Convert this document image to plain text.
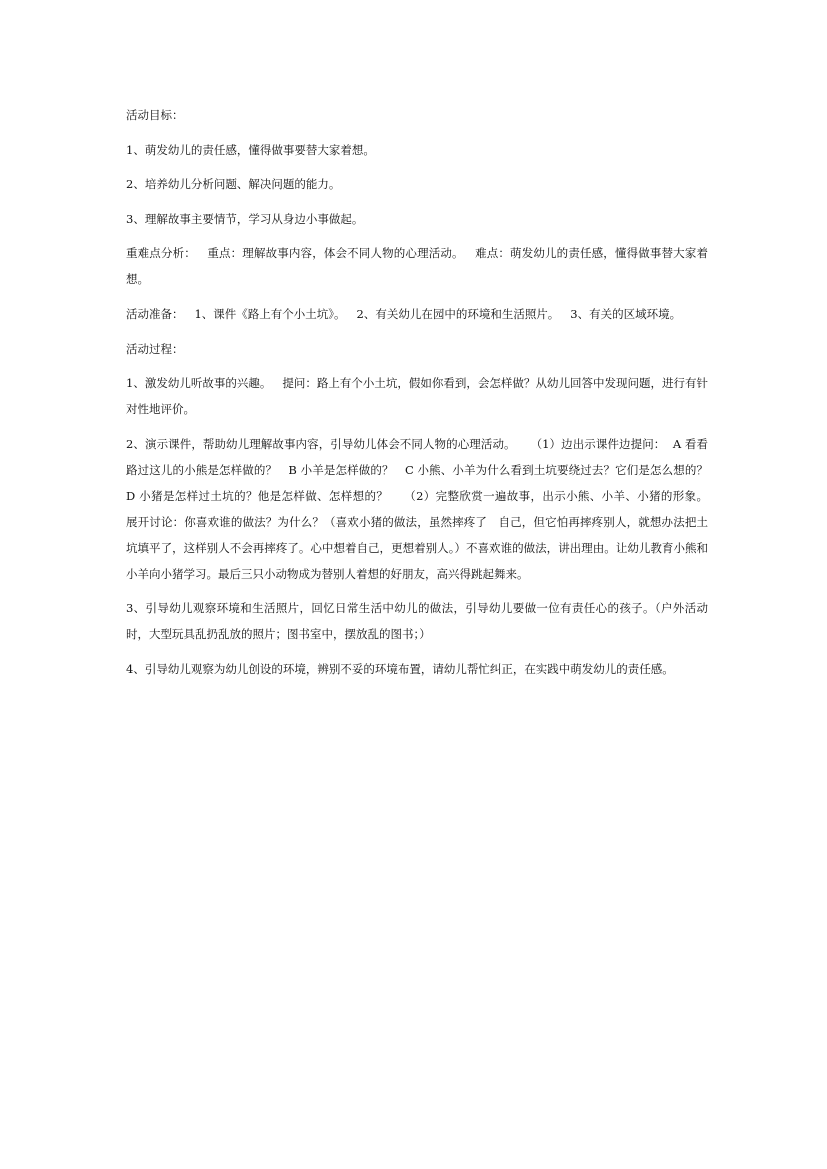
活动目标：

1、萌发幼儿的责任感，懂得做事要替大家着想。

2、培养幼儿分析问题、解决问题的能力。

3、理解故事主要情节，学习从身边小事做起。

重难点分析：   重点：理解故事内容，体会不同人物的心理活动。   难点：萌发幼儿的责任感，懂得做事替大家着想。

活动准备：   1、课件《路上有个小土坑》。   2、有关幼儿在园中的环境和生活照片。   3、有关的区域环境。

活动过程：

1、激发幼儿听故事的兴趣。   提问：路上有个小土坑，假如你看到，会怎样做？从幼儿回答中发现问题，进行有针对性地评价。

2、演示课件，帮助幼儿理解故事内容，引导幼儿体会不同人物的心理活动。    （1）边出示课件边提问：  A 看看路过这儿的小熊是怎样做的？   B 小羊是怎样做的？   C 小熊、小羊为什么看到土坑要绕过去？它们是怎么想的？   D 小猪是怎样过土坑的？他是怎样做、怎样想的？    （2）完整欣赏一遍故事，出示小熊、小羊、小猪的形象。   展开讨论：你喜欢谁的做法？为什么？（喜欢小猪的做法，虽然摔疼了   自己，但它怕再摔疼别人，就想办法把土坑填平了，这样别人不会再摔疼了。心中想着自己，更想着别人。）不喜欢谁的做法，讲出理由。让幼儿教育小熊和小羊向小猪学习。最后三只小动物成为替别人着想的好朋友，高兴得跳起舞来。

3、引导幼儿观察环境和生活照片，回忆日常生活中幼儿的做法，引导幼儿要做一位有责任心的孩子。（户外活动时，大型玩具乱扔乱放的照片；图书室中，摆放乱的图书；）

4、引导幼儿观察为幼儿创设的环境，辨别不妥的环境布置，请幼儿帮忙纠正，在实践中萌发幼儿的责任感。
